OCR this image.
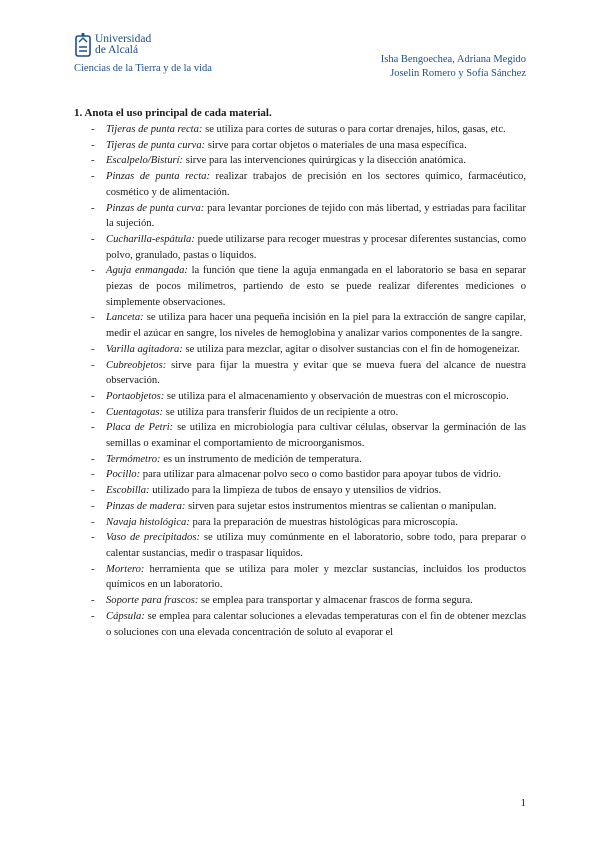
Universidad
de Alcalá
Ciencias de la Tierra y de la vida
Isha Bengoechea, Adriana Megido
Joselin Romero y Sofía Sánchez
1. Anota el uso principal de cada material.
- Tijeras de punta recta: se utiliza para cortes de suturas o para cortar drenajes, hilos, gasas, etc.
- Tijeras de punta curva: sirve para cortar objetos o materiales de una masa específica.
- Escalpelo/Bisturí: sirve para las intervenciones quirúrgicas y la disección anatómica.
- Pinzas de punta recta: realizar trabajos de precisión en los sectores químico, farmacéutico, cosmético y de alimentación.
- Pinzas de punta curva: para levantar porciones de tejido con más libertad, y estriadas para facilitar la sujeción.
- Cucharilla-espátula: puede utilizarse para recoger muestras y procesar diferentes sustancias, como polvo, granulado, pastas o líquidos.
- Aguja enmangada: la función que tiene la aguja enmangada en el laboratorio se basa en separar piezas de pocos milímetros, partiendo de esto se puede realizar diferentes mediciones o simplemente observaciones.
- Lanceta: se utiliza para hacer una pequeña incisión en la piel para la extracción de sangre capilar, medir el azúcar en sangre, los niveles de hemoglobina y analizar varios componentes de la sangre.
- Varilla agitadora: se utiliza para mezclar, agitar o disolver sustancias con el fin de homogeneizar.
- Cubreobjetos: sirve para fijar la muestra y evitar que se mueva fuera del alcance de nuestra observación.
- Portaobjetos: se utiliza para el almacenamiento y observación de muestras con el microscopio.
- Cuentagotas: se utiliza para transferir fluidos de un recipiente a otro.
- Placa de Petri: se utiliza en microbiología para cultivar células, observar la germinación de las semillas o examinar el comportamiento de microorganismos.
- Termómetro: es un instrumento de medición de temperatura.
- Pocillo: para utilizar para almacenar polvo seco o como bastidor para apoyar tubos de vidrio.
- Escobilla: utilizado para la limpieza de tubos de ensayo y utensilios de vidrios.
- Pinzas de madera: sirven para sujetar estos instrumentos mientras se calientan o manipulan.
- Navaja histológica: para la preparación de muestras histológicas para microscopía.
- Vaso de precipitados: se utiliza muy comúnmente en el laboratorio, sobre todo, para preparar o calentar sustancias, medir o traspasar líquidos.
- Mortero: herramienta que se utiliza para moler y mezclar sustancias, incluidos los productos químicos en un laboratorio.
- Soporte para frascos: se emplea para transportar y almacenar frascos de forma segura.
- Cápsula: se emplea para calentar soluciones a elevadas temperaturas con el fin de obtener mezclas o soluciones con una elevada concentración de soluto al evaporar el
1
